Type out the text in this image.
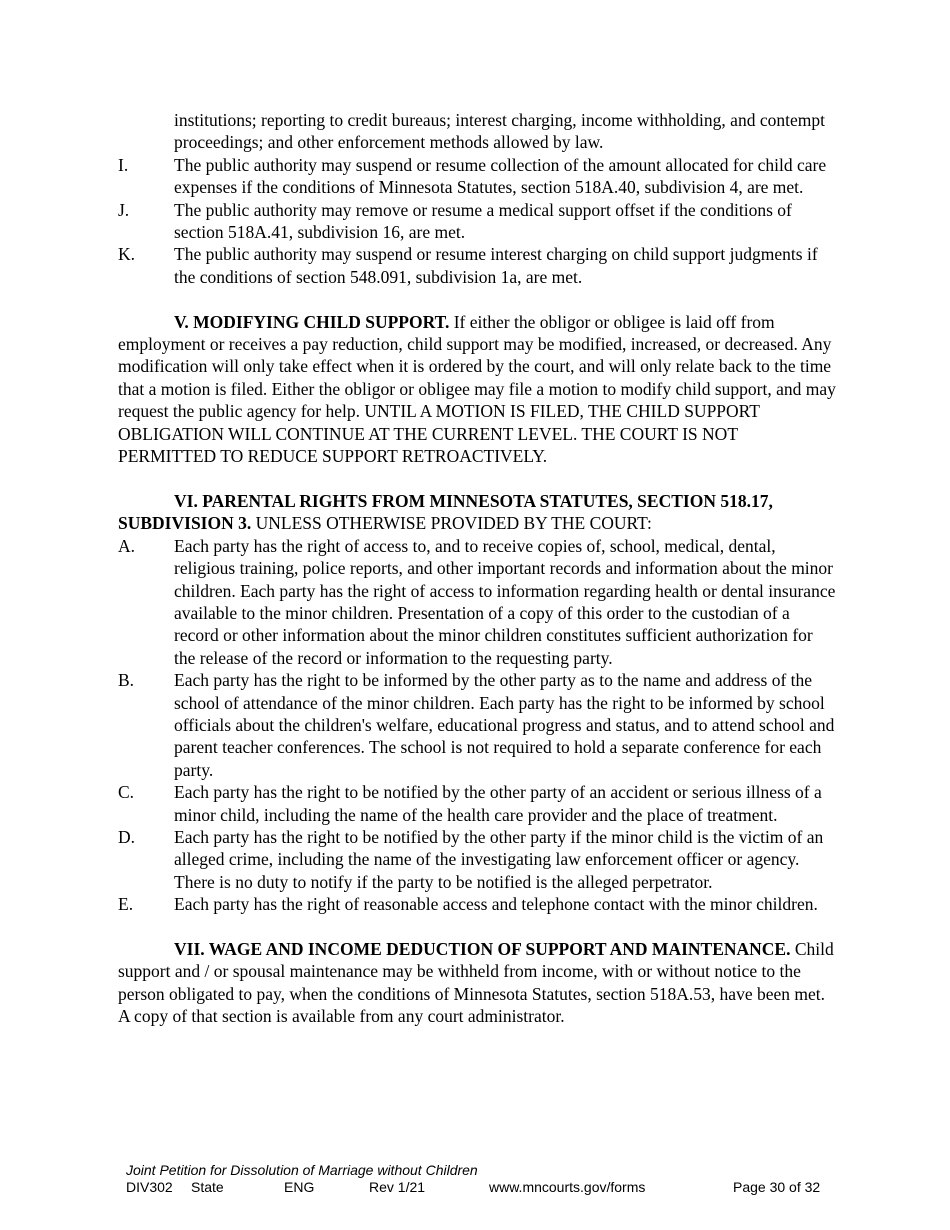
institutions; reporting to credit bureaus; interest charging, income withholding, and contempt proceedings; and other enforcement methods allowed by law.

I.	The public authority may suspend or resume collection of the amount allocated for child care expenses if the conditions of Minnesota Statutes, section 518A.40, subdivision 4, are met.
J.	The public authority may remove or resume a medical support offset if the conditions of section 518A.41, subdivision 16, are met.
K. The public authority may suspend or resume interest charging on child support judgments if the conditions of section 548.091, subdivision 1a, are met.

V. MODIFYING CHILD SUPPORT. If either the obligor or obligee is laid off from employment or receives a pay reduction, child support may be modified, increased, or decreased. Any modification will only take effect when it is ordered by the court, and will only relate back to the time that a motion is filed. Either the obligor or obligee may file a motion to modify child support, and may request the public agency for help. UNTIL A MOTION IS FILED, THE CHILD SUPPORT OBLIGATION WILL CONTINUE AT THE CURRENT LEVEL. THE COURT IS NOT PERMITTED TO REDUCE SUPPORT RETROACTIVELY.

VI. PARENTAL RIGHTS FROM MINNESOTA STATUTES, SECTION 518.17, SUBDIVISION 3. UNLESS OTHERWISE PROVIDED BY THE COURT:

A. Each party has the right of access to, and to receive copies of, school, medical, dental, religious training, police reports, and other important records and information about the minor children. Each party has the right of access to information regarding health or dental insurance available to the minor children. Presentation of a copy of this order to the custodian of a record or other information about the minor children constitutes sufficient authorization for the release of the record or information to the requesting party.
B. Each party has the right to be informed by the other party as to the name and address of the school of attendance of the minor children. Each party has the right to be informed by school officials about the children's welfare, educational progress and status, and to attend school and parent teacher conferences. The school is not required to hold a separate conference for each party.
C. Each party has the right to be notified by the other party of an accident or serious illness of a minor child, including the name of the health care provider and the place of treatment.
D. Each party has the right to be notified by the other party if the minor child is the victim of an alleged crime, including the name of the investigating law enforcement officer or agency. There is no duty to notify if the party to be notified is the alleged perpetrator.
E. Each party has the right of reasonable access and telephone contact with the minor children.

VII. WAGE AND INCOME DEDUCTION OF SUPPORT AND MAINTENANCE. Child support and / or spousal maintenance may be withheld from income, with or without notice to the person obligated to pay, when the conditions of Minnesota Statutes, section 518A.53, have been met. A copy of that section is available from any court administrator.

Joint Petition for Dissolution of Marriage without Children
DIV302 State	ENG	Rev 1/21	www.mncourts.gov/forms	Page 30 of 32
